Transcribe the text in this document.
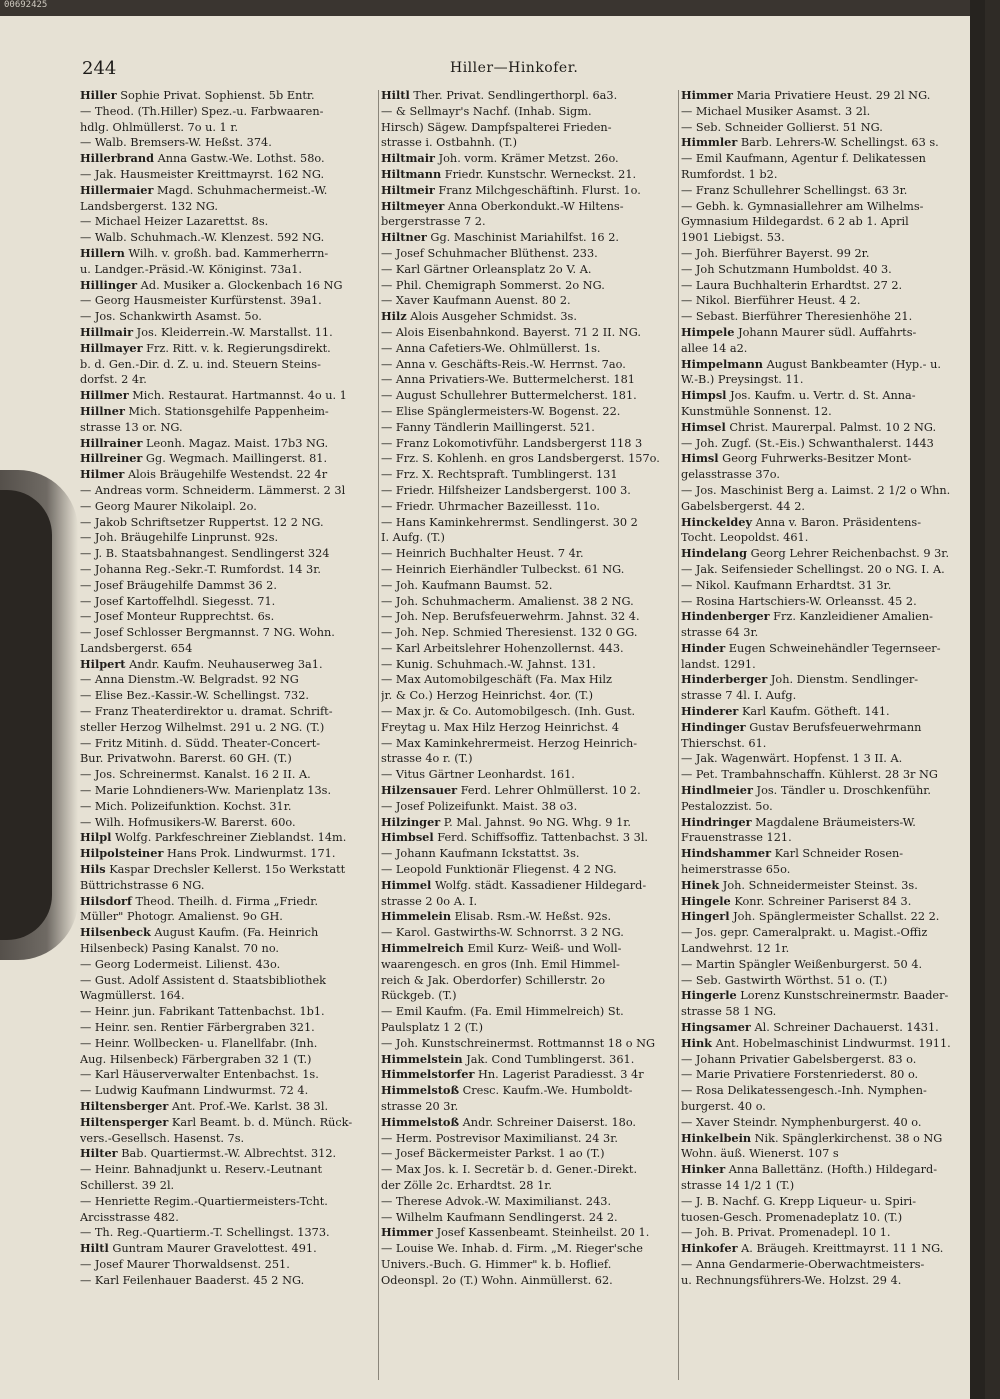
00692425
244	Hiller—Hinkofer.
Hiller Sophie Privat. Sophienst. 5b Entr.
— Theod. (Th.Hiller) Spez.-u. Farbwaaren-
hdlg. Ohlmüllerst. 7o u. 1 r.
— Walb. Bremsers-W. Heßst. 374.
Hillerbrand Anna Gastw.-We. Lothst. 58o.
— Jak. Hausmeister Kreittmayrst. 162 NG.
Hillermaier Magd. Schuhmachermeist.-W.
Landsbergerst. 132 NG.
— Michael Heizer Lazarettst. 8s.
— Walb. Schuhmach.-W. Klenzest. 592 NG.
Hillern Wilh. v. großh. bad. Kammerherrn-
u. Landger.-Präsid.-W. Königinst. 73a1.
Hillinger Ad. Musiker a. Glockenbach 16 NG
— Georg Hausmeister Kurfürstenst. 39a1.
— Jos. Schankwirth Asamst. 5o.
Hillmair Jos. Kleiderrein.-W. Marstallst. 11.
Hillmayer Frz. Ritt. v. k. Regierungsdirekt.
b. d. Gen.-Dir. d. Z. u. ind. Steuern Steins-
dorfst. 2 4r.
Hillmer Mich. Restaurat. Hartmannst. 4o u. 1
Hillner Mich. Stationsgehilfe Pappenheim-
strasse 13 or. NG.
Hillrainer Leonh. Magaz. Maist. 17b3 NG.
Hillreiner Gg. Wegmach. Maillingerst. 81.
Hilmer Alois Bräugehilfe Westendst. 22 4r
— Andreas vorm. Schneiderm. Lämmerst. 2 3l
— Georg Maurer Nikolaipl. 2o.
— Jakob Schriftsetzer Ruppertst. 12 2 NG.
— Joh. Bräugehilfe Linprunst. 92s.
— J. B. Staatsbahnangest. Sendlingerst 324
— Johanna Reg.-Sekr.-T. Rumfordst. 14 3r.
— Josef Bräugehilfe Dammst 36 2.
— Josef Kartoffelhdl. Siegesst. 71.
— Josef Monteur Rupprechtst. 6s.
— Josef Schlosser Bergmannst. 7 NG. Wohn.
Landsbergerst. 654
Hilpert Andr. Kaufm. Neuhauserweg 3a1.
— Anna Dienstm.-W. Belgradst. 92 NG
— Elise Bez.-Kassir.-W. Schellingst. 732.
— Franz Theaterdirektor u. dramat. Schrift-
steller Herzog Wilhelmst. 291 u. 2 NG. (T.)
— Fritz Mitinh. d. Südd. Theater-Concert-
Bur. Privatwohn. Barerst. 60 GH. (T.)
— Jos. Schreinermst. Kanalst. 16 2 II. A.
— Marie Lohndieners-Ww. Marienplatz 13s.
— Mich. Polizeifunktion. Kochst. 31r.
— Wilh. Hofmusikers-W. Barerst. 60o.
Hilpl Wolfg. Parkfeschreiner Zieblandst. 14m.
Hilpolsteiner Hans Prok. Lindwurmst. 171.
Hils Kaspar Drechsler Kellerst. 15o Werkstatt
Büttrichstrasse 6 NG.
Hilsdorf Theod. Theilh. d. Firma „Friedr.
Müller" Photogr. Amalienst. 9o GH.
Hilsenbeck August Kaufm. (Fa. Heinrich
Hilsenbeck) Pasing Kanalst. 70 no.
— Georg Lodermeist. Lilienst. 43o.
— Gust. Adolf Assistent d. Staatsbibliothek
Wagmüllerst. 164.
— Heinr. jun. Fabrikant Tattenbachst. 1b1.
— Heinr. sen. Rentier Färbergraben 321.
— Heinr. Wollbecken- u. Flanellfabr. (Inh.
Aug. Hilsenbeck) Färbergraben 32 1 (T.)
— Karl Häuserverwalter Entenbachst. 1s.
— Ludwig Kaufmann Lindwurmst. 72 4.
Hiltensberger Ant. Prof.-We. Karlst. 38 3l.
Hiltensperger Karl Beamt. b. d. Münch. Rück-
vers.-Gesellsch. Hasenst. 7s.
Hilter Bab. Quartiermst.-W. Albrechtst. 312.
— Heinr. Bahnadjunkt u. Reserv.-Leutnant
Schillerst. 39 2l.
— Henriette Regim.-Quartiermeisters-Tcht.
Arcisstrasse 482.
— Th. Reg.-Quartierm.-T. Schellingst. 1373.
Hiltl Guntram Maurer Gravelottest. 491.
— Josef Maurer Thorwaldsenst. 251.
— Karl Feilenhauer Baaderst. 45 2 NG.
Hiltl Ther. Privat. Sendlingerthorpl. 6a3.
— & Sellmayr's Nachf. (Inhab. Sigm.
Hirsch) Sägew. Dampfspalterei Frieden-
strasse i. Ostbahnh. (T.)
Hiltmair Joh. vorm. Krämer Metzst. 26o.
Hiltmann Friedr. Kunstschr. Werneckst. 21.
Hiltmeir Franz Milchgeschäftinh. Flurst. 1o.
Hiltmeyer Anna Oberkondukt.-W Hiltens-
bergerstrasse 7 2.
Hiltner Gg. Maschinist Mariahilfst. 16 2.
— Josef Schuhmacher Blüthenst. 233.
— Karl Gärtner Orleansplatz 2o V. A.
— Phil. Chemigraph Sommerst. 2o NG.
— Xaver Kaufmann Auenst. 80 2.
Hilz Alois Ausgeher Schmidst. 3s.
— Alois Eisenbahnkond. Bayerst. 71 2 II. NG.
— Anna Cafetiers-We. Ohlmüllerst. 1s.
— Anna v. Geschäfts-Reis.-W. Herrnst. 7ao.
— Anna Privatiers-We. Buttermelcherst. 181
— August Schullehrer Buttermelcherst. 181.
— Elise Spänglermeisters-W. Bogenst. 22.
— Fanny Tändlerin Maillingerst. 521.
— Franz Lokomotivführ. Landsbergerst 118 3
— Frz. S. Kohlenh. en gros Landsbergerst. 157o.
— Frz. X. Rechtspraft. Tumblingerst. 131
— Friedr. Hilfsheizer Landsbergerst. 100 3.
— Friedr. Uhrmacher Bazeillesst. 11o.
— Hans Kaminkehrermst. Sendlingerst. 30 2
I. Aufg. (T.)
— Heinrich Buchhalter Heust. 7 4r.
— Heinrich Eierhändler Tulbeckst. 61 NG.
— Joh. Kaufmann Baumst. 52.
— Joh. Schuhmacherm. Amalienst. 38 2 NG.
— Joh. Nep. Berufsfeuerwehrm. Jahnst. 32 4.
— Joh. Nep. Schmied Theresienst. 132 0 GG.
— Karl Arbeitslehrer Hohenzollernst. 443.
— Kunig. Schuhmach.-W. Jahnst. 131.
— Max Automobilgeschäft (Fa. Max Hilz
jr. & Co.) Herzog Heinrichst. 4or. (T.)
— Max jr. & Co. Automobilgesch. (Inh. Gust.
Freytag u. Max Hilz Herzog Heinrichst. 4
— Max Kaminkehrermeist. Herzog Heinrich-
strasse 4o r. (T.)
— Vitus Gärtner Leonhardst. 161.
Hilzensauer Ferd. Lehrer Ohlmüllerst. 10 2.
— Josef Polizeifunkt. Maist. 38 o3.
Hilzinger P. Mal. Jahnst. 9o NG. Whg. 9 1r.
Himbsel Ferd. Schiffsoffiz. Tattenbachst. 3 3l.
— Johann Kaufmann Ickstattst. 3s.
— Leopold Funktionär Fliegenst. 4 2 NG.
Himmel Wolfg. städt. Kassadiener Hildegard-
strasse 2 0o A. I.
Himmelein Elisab. Rsm.-W. Heßst. 92s.
— Karol. Gastwirths-W. Schnorrst. 3 2 NG.
Himmelreich Emil Kurz- Weiß- und Woll-
waarengesch. en gros (Inh. Emil Himmel-
reich & Jak. Oberdorfer) Schillerstr. 2o
Rückgeb. (T.)
— Emil Kaufm. (Fa. Emil Himmelreich) St.
Paulsplatz 1 2 (T.)
— Joh. Kunstschreinermst. Rottmannst 18 o NG
Himmelstein Jak. Cond Tumblingerst. 361.
Himmelstorfer Hn. Lagerist Paradiesst. 3 4r
Himmelstoß Cresc. Kaufm.-We. Humboldt-
strasse 20 3r.
Himmelstoß Andr. Schreiner Daiserst. 18o.
— Herm. Postrevisor Maximilianst. 24 3r.
— Josef Bäckermeister Parkst. 1 ao (T.)
— Max Jos. k. I. Secretär b. d. Gener.-Direkt.
der Zölle 2c. Erhardtst. 28 1r.
— Therese Advok.-W. Maximilianst. 243.
— Wilhelm Kaufmann Sendlingerst. 24 2.
Himmer Josef Kassenbeamt. Steinheilst. 20 1.
— Louise We. Inhab. d. Firm. „M. Rieger'sche
Univers.-Buch. G. Himmer" k. b. Hoflief.
Odeonspl. 2o (T.) Wohn. Ainmüllerst. 62.
Himmer Maria Privatiere Heust. 29 2l NG.
— Michael Musiker Asamst. 3 2l.
— Seb. Schneider Gollierst. 51 NG.
Himmler Barb. Lehrers-W. Schellingst. 63 s.
— Emil Kaufmann, Agentur f. Delikatessen
Rumfordst. 1 b2.
— Franz Schullehrer Schellingst. 63 3r.
— Gebh. k. Gymnasiallehrer am Wilhelms-
Gymnasium Hildegardst. 6 2 ab 1. April
1901 Liebigst. 53.
— Joh. Bierführer Bayerst. 99 2r.
— Joh Schutzmann Humboldst. 40 3.
— Laura Buchhalterin Erhardtst. 27 2.
— Nikol. Bierführer Heust. 4 2.
— Sebast. Bierführer Theresienhöhe 21.
Himpele Johann Maurer südl. Auffahrts-
allee 14 a2.
Himpelmann August Bankbeamter (Hyp.- u.
W.-B.) Preysingst. 11.
Himpsl Jos. Kaufm. u. Vertr. d. St. Anna-
Kunstmühle Sonnenst. 12.
Himsel Christ. Maurerpal. Palmst. 10 2 NG.
— Joh. Zugf. (St.-Eis.) Schwanthalerst. 1443
Himsl Georg Fuhrwerks-Besitzer Mont-
gelasstrasse 37o.
— Jos. Maschinist Berg a. Laimst. 2 1/2 o Whn.
Gabelsbergerst. 44 2.
Hinckeldey Anna v. Baron. Präsidentens-
Tocht. Leopoldst. 461.
Hindelang Georg Lehrer Reichenbachst. 9 3r.
— Jak. Seifensieder Schellingst. 20 o NG. I. A.
— Nikol. Kaufmann Erhardtst. 31 3r.
— Rosina Hartschiers-W. Orleansst. 45 2.
Hindenberger Frz. Kanzleidiener Amalien-
strasse 64 3r.
Hinder Eugen Schweinehändler Tegernseer-
landst. 1291.
Hinderberger Joh. Dienstm. Sendlinger-
strasse 7 4l. I. Aufg.
Hinderer Karl Kaufm. Götheft. 141.
Hindinger Gustav Berufsfeuerwehrmann
Thierschst. 61.
— Jak. Wagenwärt. Hopfenst. 1 3 II. A.
— Pet. Trambahnschaffn. Kühlerst. 28 3r NG
Hindlmeier Jos. Tändler u. Droschkenführ.
Pestalozzist. 5o.
Hindringer Magdalene Bräumeisters-W.
Frauenstrasse 121.
Hindshammer Karl Schneider Rosen-
heimerstrasse 65o.
Hinek Joh. Schneidermeister Steinst. 3s.
Hingele Konr. Schreiner Pariserst 84 3.
Hingerl Joh. Spänglermeister Schallst. 22 2.
— Jos. gepr. Cameralprakt. u. Magist.-Offiz
Landwehrst. 12 1r.
— Martin Spängler Weißenburgerst. 50 4.
— Seb. Gastwirth Wörthst. 51 o. (T.)
Hingerle Lorenz Kunstschreinermstr. Baader-
strasse 58 1 NG.
Hingsamer Al. Schreiner Dachauerst. 1431.
Hink Ant. Hobelmaschinist Lindwurmst. 1911.
— Johann Privatier Gabelsbergerst. 83 o.
— Marie Privatiere Forstenriederst. 80 o.
— Rosa Delikatessengesch.-Inh. Nymphen-
burgerst. 40 o.
— Xaver Steindr. Nymphenburgerst. 40 o.
Hinkelbein Nik. Spänglerkirchenst. 38 o NG
Wohn. äuß. Wienerst. 107 s
Hinker Anna Ballettänz. (Hofth.) Hildegard-
strasse 14 1/2 1 (T.)
— J. B. Nachf. G. Krepp Liqueur- u. Spiri-
tuosen-Gesch. Promenadeplatz 10. (T.)
— Joh. B. Privat. Promenadepl. 10 1.
Hinkofer A. Bräugeh. Kreittmayrst. 11 1 NG.
— Anna Gendarmerie-Oberwachtmeisters-
u. Rechnungsführers-We. Holzst. 29 4.
